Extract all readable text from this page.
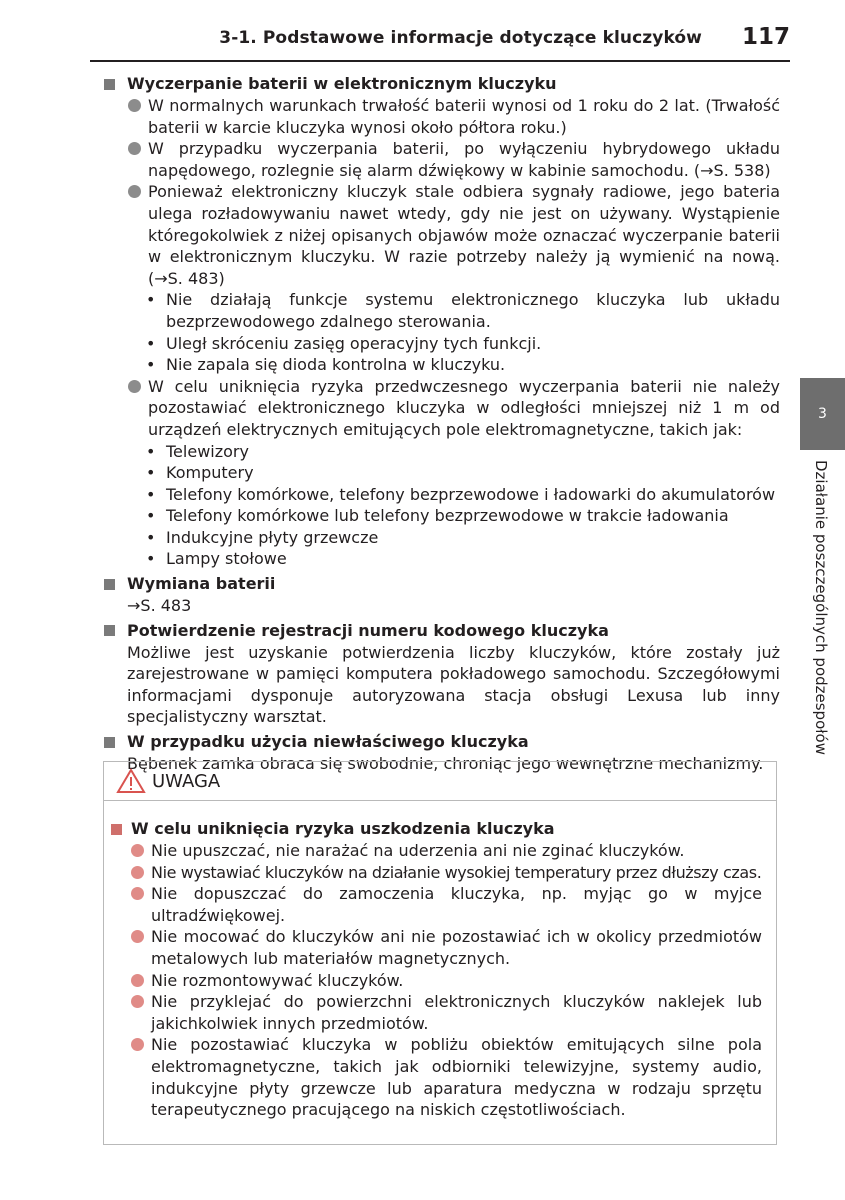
3-1. Podstawowe informacje dotyczące kluczyków 117
3
Działanie poszczególnych podzespołów
Wyczerpanie baterii w elektronicznym kluczyku
W normalnych warunkach trwałość baterii wynosi od 1 roku do 2 lat. (Trwałość baterii w karcie kluczyka wynosi około półtora roku.)
W przypadku wyczerpania baterii, po wyłączeniu hybrydowego układu napędowego, rozlegnie się alarm dźwiękowy w kabinie samochodu. (→S. 538)
Ponieważ elektroniczny kluczyk stale odbiera sygnały radiowe, jego bateria ulega rozładowywaniu nawet wtedy, gdy nie jest on używany. Wystąpienie któregokolwiek z niżej opisanych objawów może oznaczać wyczerpanie baterii w elektronicznym kluczyku. W razie potrzeby należy ją wymienić na nową. (→S. 483)
• Nie działają funkcje systemu elektronicznego kluczyka lub układu bezprzewodowego zdalnego sterowania.
• Uległ skróceniu zasięg operacyjny tych funkcji.
• Nie zapala się dioda kontrolna w kluczyku.
W celu uniknięcia ryzyka przedwczesnego wyczerpania baterii nie należy pozostawiać elektronicznego kluczyka w odległości mniejszej niż 1 m od urządzeń elektrycznych emitujących pole elektromagnetyczne, takich jak:
• Telewizory
• Komputery
• Telefony komórkowe, telefony bezprzewodowe i ładowarki do akumulatorów
• Telefony komórkowe lub telefony bezprzewodowe w trakcie ładowania
• Indukcyjne płyty grzewcze
• Lampy stołowe
Wymiana baterii
→S. 483
Potwierdzenie rejestracji numeru kodowego kluczyka
Możliwe jest uzyskanie potwierdzenia liczby kluczyków, które zostały już zarejestrowane w pamięci komputera pokładowego samochodu. Szczegółowymi informacjami dysponuje autoryzowana stacja obsługi Lexusa lub inny specjalistyczny warsztat.
W przypadku użycia niewłaściwego kluczyka
Bębenek zamka obraca się swobodnie, chroniąc jego wewnętrzne mechanizmy.
UWAGA
W celu uniknięcia ryzyka uszkodzenia kluczyka
Nie upuszczać, nie narażać na uderzenia ani nie zginać kluczyków.
Nie wystawiać kluczyków na działanie wysokiej temperatury przez dłuższy czas.
Nie dopuszczać do zamoczenia kluczyka, np. myjąc go w myjce ultradźwiękowej.
Nie mocować do kluczyków ani nie pozostawiać ich w okolicy przedmiotów metalowych lub materiałów magnetycznych.
Nie rozmontowywać kluczyków.
Nie przyklejać do powierzchni elektronicznych kluczyków naklejek lub jakichkolwiek innych przedmiotów.
Nie pozostawiać kluczyka w pobliżu obiektów emitujących silne pola elektromagnetyczne, takich jak odbiorniki telewizyjne, systemy audio, indukcyjne płyty grzewcze lub aparatura medyczna w rodzaju sprzętu terapeutycznego pracującego na niskich częstotliwościach.
